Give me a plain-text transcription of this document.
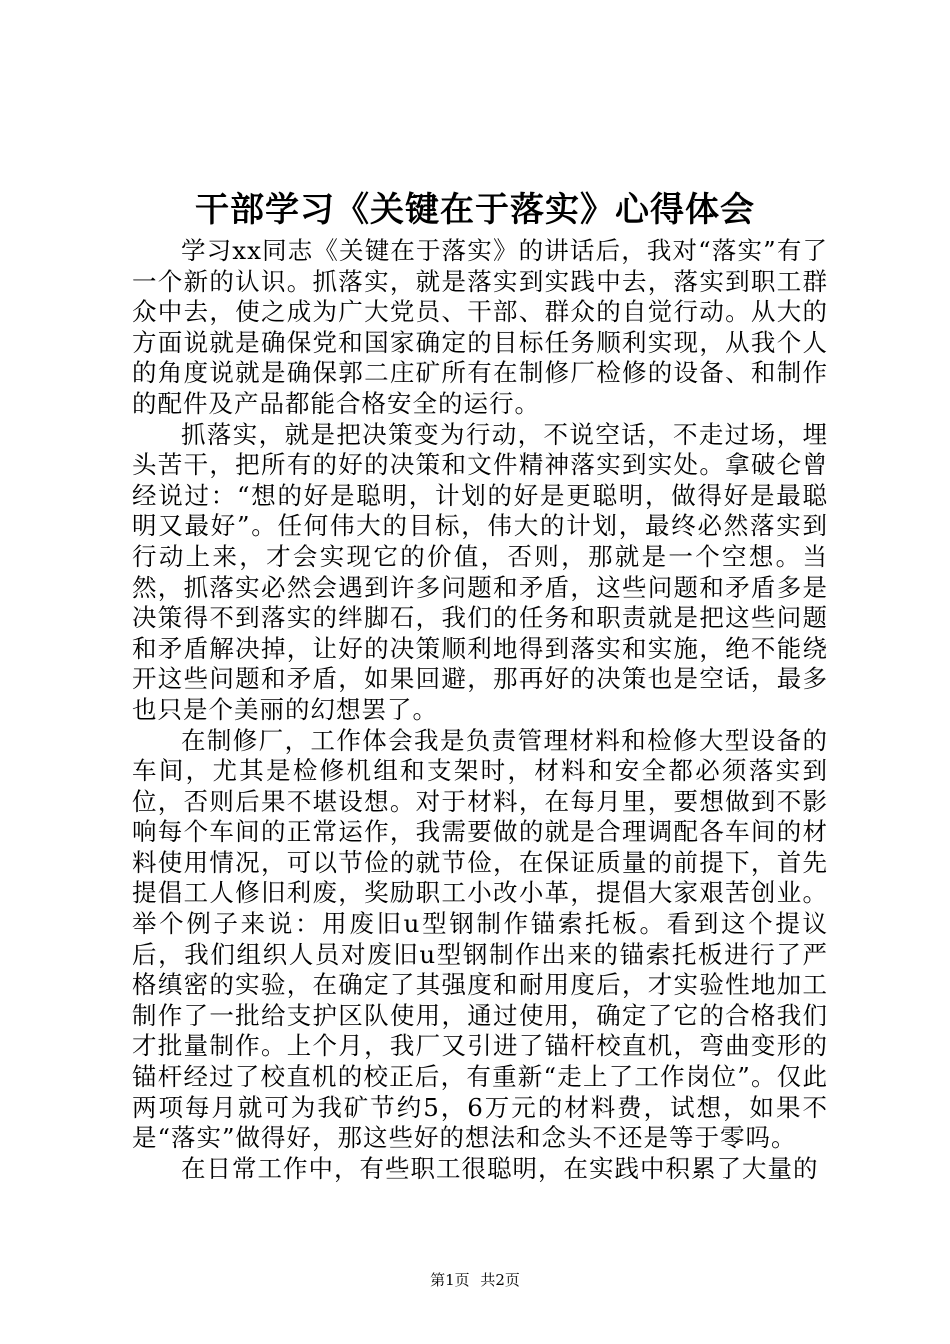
干部学习《关键在于落实》心得体会

学习xx同志《关键在于落实》的讲话后，我对“落实”有了一个新的认识。抓落实，就是落实到实践中去，落实到职工群众中去，使之成为广大党员、干部、群众的自觉行动。从大的方面说就是确保党和国家确定的目标任务顺利实现，从我个人的角度说就是确保郭二庄矿所有在制修厂检修的设备、和制作的配件及产品都能合格安全的运行。

抓落实，就是把决策变为行动，不说空话，不走过场，埋头苦干，把所有的好的决策和文件精神落实到实处。拿破仑曾经说过：“想的好是聪明，计划的好是更聪明，做得好是最聪明又最好”。任何伟大的目标，伟大的计划，最终必然落实到行动上来，才会实现它的价值，否则，那就是一个空想。当然，抓落实必然会遇到许多问题和矛盾，这些问题和矛盾多是决策得不到落实的绊脚石，我们的任务和职责就是把这些问题和矛盾解决掉，让好的决策顺利地得到落实和实施，绝不能绕开这些问题和矛盾，如果回避，那再好的决策也是空话，最多也只是个美丽的幻想罢了。

在制修厂，工作体会我是负责管理材料和检修大型设备的车间，尤其是检修机组和支架时，材料和安全都必须落实到位，否则后果不堪设想。对于材料，在每月里，要想做到不影响每个车间的正常运作，我需要做的就是合理调配各车间的材料使用情况，可以节俭的就节俭，在保证质量的前提下，首先提倡工人修旧利废，奖励职工小改小革，提倡大家艰苦创业。举个例子来说：用废旧u型钢制作锚索托板。看到这个提议后，我们组织人员对废旧u型钢制作出来的锚索托板进行了严格缜密的实验，在确定了其强度和耐用度后，才实验性地加工制作了一批给支护区队使用，通过使用，确定了它的合格我们才批量制作。上个月，我厂又引进了锚杆校直机，弯曲变形的锚杆经过了校直机的校正后，有重新“走上了工作岗位”。仅此两项每月就可为我矿节约5，6万元的材料费，试想，如果不是“落实”做得好，那这些好的想法和念头不还是等于零吗。

在日常工作中，有些职工很聪明，在实践中积累了大量的

第1页 共2页
